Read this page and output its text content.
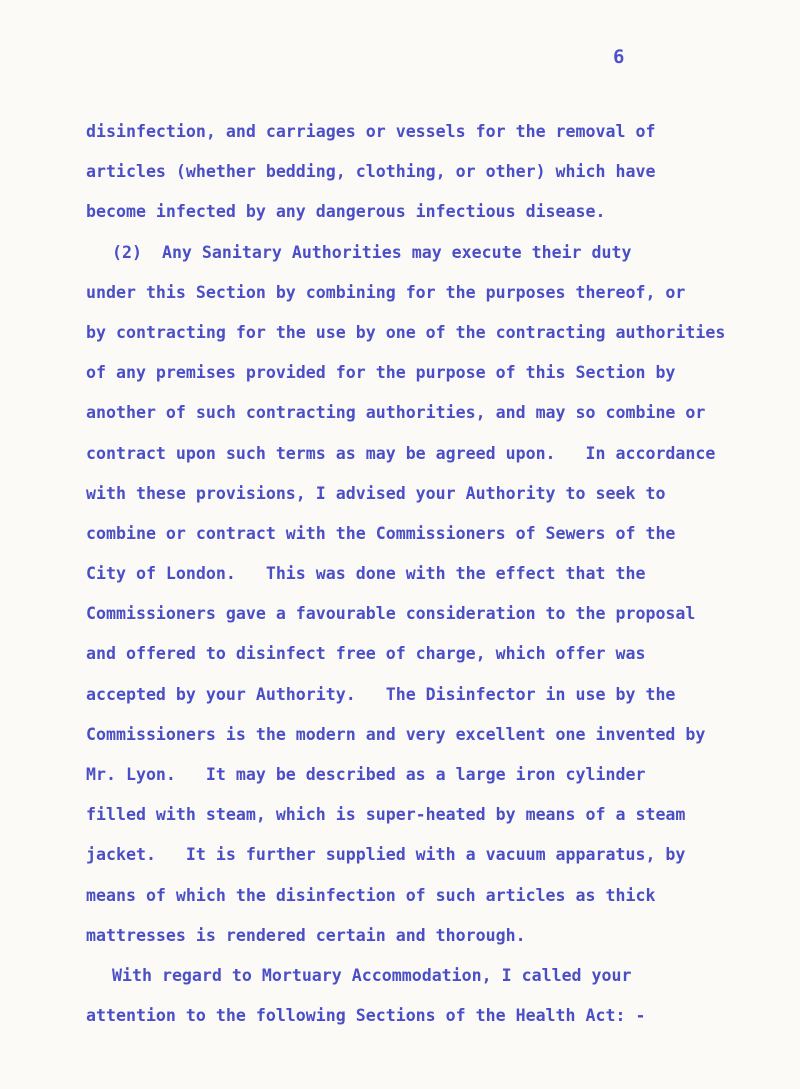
6

disinfection, and carriages or vessels for the removal of
articles (whether bedding, clothing, or other) which have
become infected by any dangerous infectious disease.
(2)  Any Sanitary Authorities may execute their duty
under this Section by combining for the purposes thereof, or
by contracting for the use by one of the contracting authorities
of any premises provided for the purpose of this Section by
another of such contracting authorities, and may so combine or
contract upon such terms as may be agreed upon.   In accordance
with these provisions, I advised your Authority to seek to
combine or contract with the Commissioners of Sewers of the
City of London.   This was done with the effect that the
Commissioners gave a favourable consideration to the proposal
and offered to disinfect free of charge, which offer was
accepted by your Authority.   The Disinfector in use by the
Commissioners is the modern and very excellent one invented by
Mr. Lyon.   It may be described as a large iron cylinder
filled with steam, which is super-heated by means of a steam
jacket.   It is further supplied with a vacuum apparatus, by
means of which the disinfection of such articles as thick
mattresses is rendered certain and thorough.
With regard to Mortuary Accommodation, I called your
attention to the following Sections of the Health Act: -
